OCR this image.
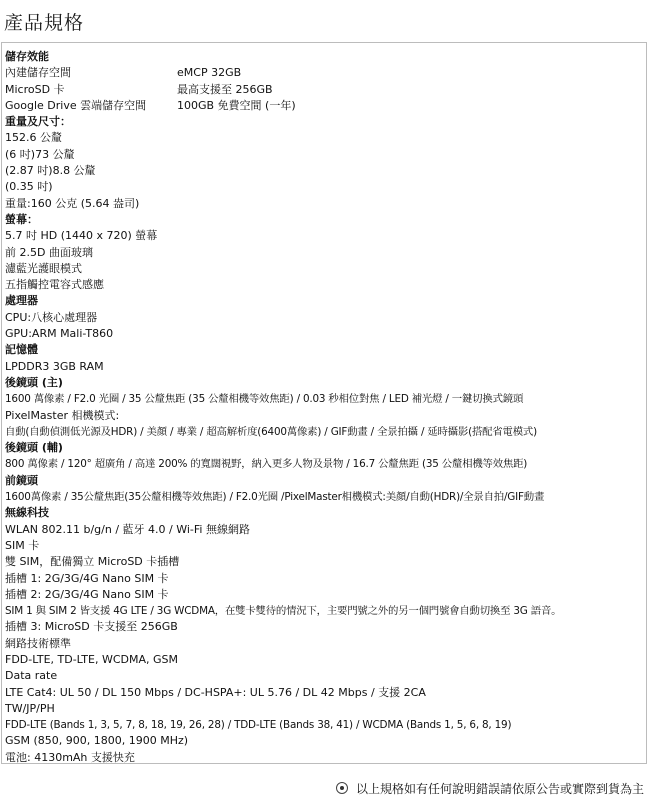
產品規格
儲存效能
內建儲存空間	eMCP 32GB
MicroSD 卡	最高支援至 256GB
Google Drive 雲端儲存空間	100GB 免費空間 (一年)
重量及尺寸：
152.6 公釐
(6 吋)73 公釐
(2.87 吋)8.8 公釐
(0.35 吋)
重量:160 公克 (5.64 盎司)
螢幕：
5.7 吋 HD (1440 x 720) 螢幕
前 2.5D 曲面玻璃
濾藍光護眼模式
五指觸控電容式感應
處理器
CPU:八核心處理器
GPU:ARM Mali-T860
記憶體
LPDDR3 3GB RAM
後鏡頭 (主)
1600 萬像素 / F2.0 光圈 / 35 公釐焦距 (35 公釐相機等效焦距) / 0.03 秒相位對焦 / LED 補光燈 / 一鍵切換式鏡頭
PixelMaster 相機模式:
自動(自動偵測低光源及HDR) / 美顏 / 專業 / 超高解析度(6400萬像素) / GIF動畫 / 全景拍攝 / 延時攝影(搭配省電模式)
後鏡頭 (輔)
800 萬像素 / 120° 超廣角 / 高達 200% 的寬闊視野，納入更多人物及景物 / 16.7 公釐焦距 (35 公釐相機等效焦距)
前鏡頭
1600萬像素 / 35公釐焦距(35公釐相機等效焦距) / F2.0光圈 /PixelMaster相機模式:美顏/自動(HDR)/全景自拍/GIF動畫
無線科技
WLAN 802.11 b/g/n / 藍牙 4.0 / Wi-Fi 無線網路
SIM 卡
雙 SIM，配備獨立 MicroSD 卡插槽
插槽 1: 2G/3G/4G Nano SIM 卡
插槽 2: 2G/3G/4G Nano SIM 卡
SIM 1 與 SIM 2 皆支援 4G LTE / 3G WCDMA，在雙卡雙待的情況下，主要門號之外的另一個門號會自動切換至 3G 語音。
插槽 3: MicroSD 卡支援至 256GB
網路技術標準
FDD-LTE, TD-LTE, WCDMA, GSM
Data rate
LTE Cat4: UL 50 / DL 150 Mbps / DC-HSPA+: UL 5.76 / DL 42 Mbps / 支援 2CA
TW/JP/PH
FDD-LTE (Bands 1, 3, 5, 7, 8, 18, 19, 26, 28) / TDD-LTE (Bands 38, 41) / WCDMA (Bands 1, 5, 6, 8, 19)
GSM (850, 900, 1800, 1900 MHz)
電池: 4130mAh 支援快充
以上規格如有任何說明錯誤請依原公告或實際到貨為主
